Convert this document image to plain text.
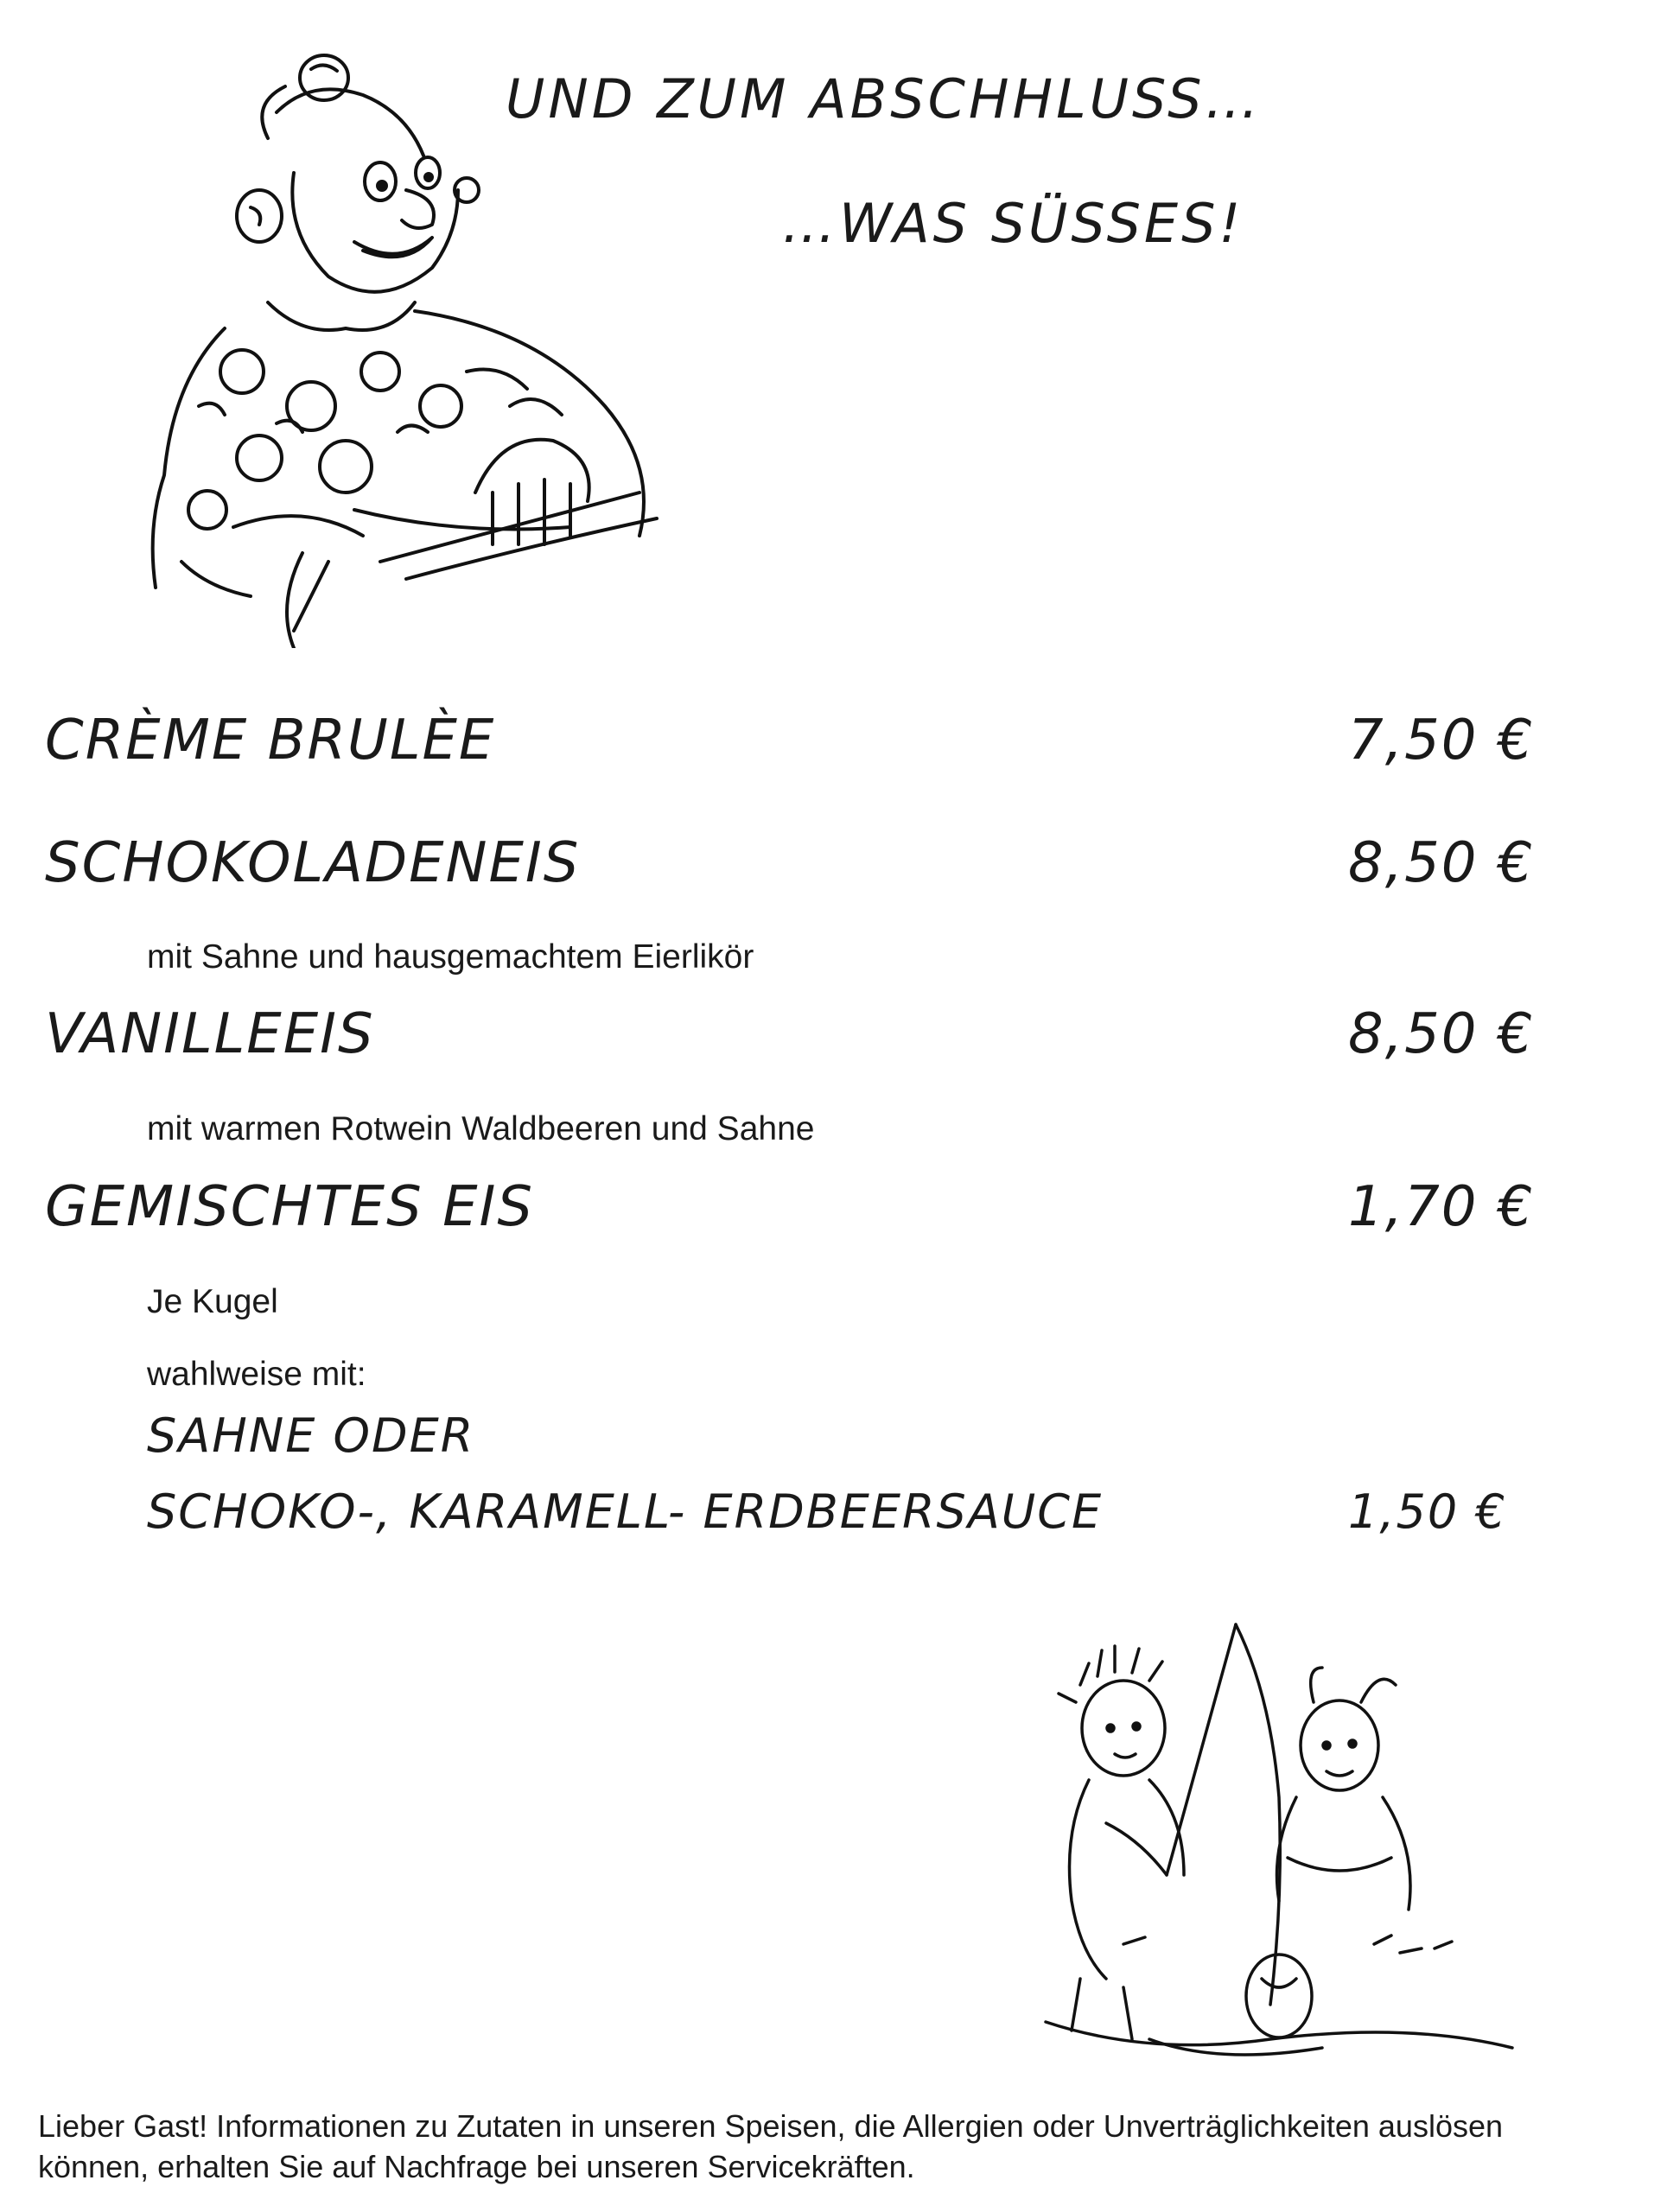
UND ZUM ABSCHHLUSS…
…WAS SÜSSES!
CRÈME BRULÈE	7,50 €
SCHOKOLADENEIS	8,50 €
mit Sahne und hausgemachtem Eierlikör
VANILLEEIS	8,50 €
mit warmen Rotwein Waldbeeren und Sahne
GEMISCHTES EIS	1,70 €
Je Kugel
wahlweise mit:
SAHNE ODER
SCHOKO-, KARAMELL- ERDBEERSAUCE	1,50 €
Lieber Gast! Informationen zu Zutaten in unseren Speisen, die Allergien oder Unverträglichkeiten auslösen können, erhalten Sie auf Nachfrage bei unseren Servicekräften.
